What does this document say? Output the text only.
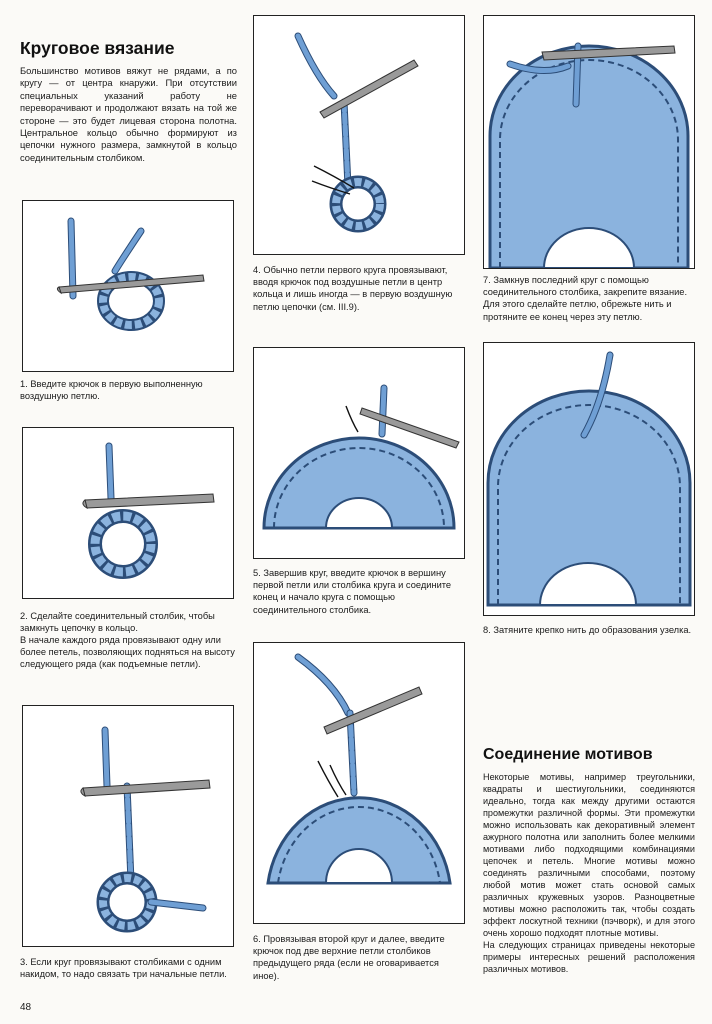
Круговое вязание

Большинство мотивов вяжут не рядами, а по кругу — от центра кнаружи. При отсутствии специальных указаний работу не переворачивают и продолжают вязать на той же стороне — это будет лицевая сторона полотна. Центральное кольцо обычно формируют из цепочки нужного размера, замкнутой в кольцо соединительным столбиком.

1. Введите крючок в первую выполненную воздушную петлю.

2. Сделайте соединительный столбик, чтобы замкнуть цепочку в кольцо.

В начале каждого ряда провязывают одну или более петель, позволяющих подняться на высоту следующего ряда (как подъемные петли).

3. Если круг провязывают столбиками с одним накидом, то надо связать три начальные петли.

4. Обычно петли первого круга провязывают, вводя крючок под воздушные петли в центр кольца и лишь иногда — в первую воздушную петлю цепочки (см. III.9).

5. Завершив круг, введите крючок в вершину первой петли или столбика круга и соедините конец и начало круга с помощью соединительного столбика.

6. Провязывая второй круг и далее, введите крючок под две верхние петли столбиков предыдущего ряда (если не оговаривается иное).

7. Замкнув последний круг с помощью соединительного столбика, закрепите вязание. Для этого сделайте петлю, обрежьте нить и протяните ее конец через эту петлю.

8. Затяните крепко нить до образования узелка.

Соединение мотивов

Некоторые мотивы, например треугольники, квадраты и шестиугольники, соединяются идеально, тогда как между другими остаются промежутки различной формы. Эти промежутки можно использовать как декоративный элемент ажурного полотна или заполнить более мелкими мотивами либо подходящими комбинациями цепочек и петель. Многие мотивы можно соединять различными способами, поэтому любой мотив может стать основой самых различных кружевных узоров. Разноцветные мотивы можно расположить так, чтобы создать эффект лоскутной техники (пэчворк), и для этого очень хорошо подходят плотные мотивы.

На следующих страницах приведены некоторые примеры интересных решений расположения различных мотивов.

48
